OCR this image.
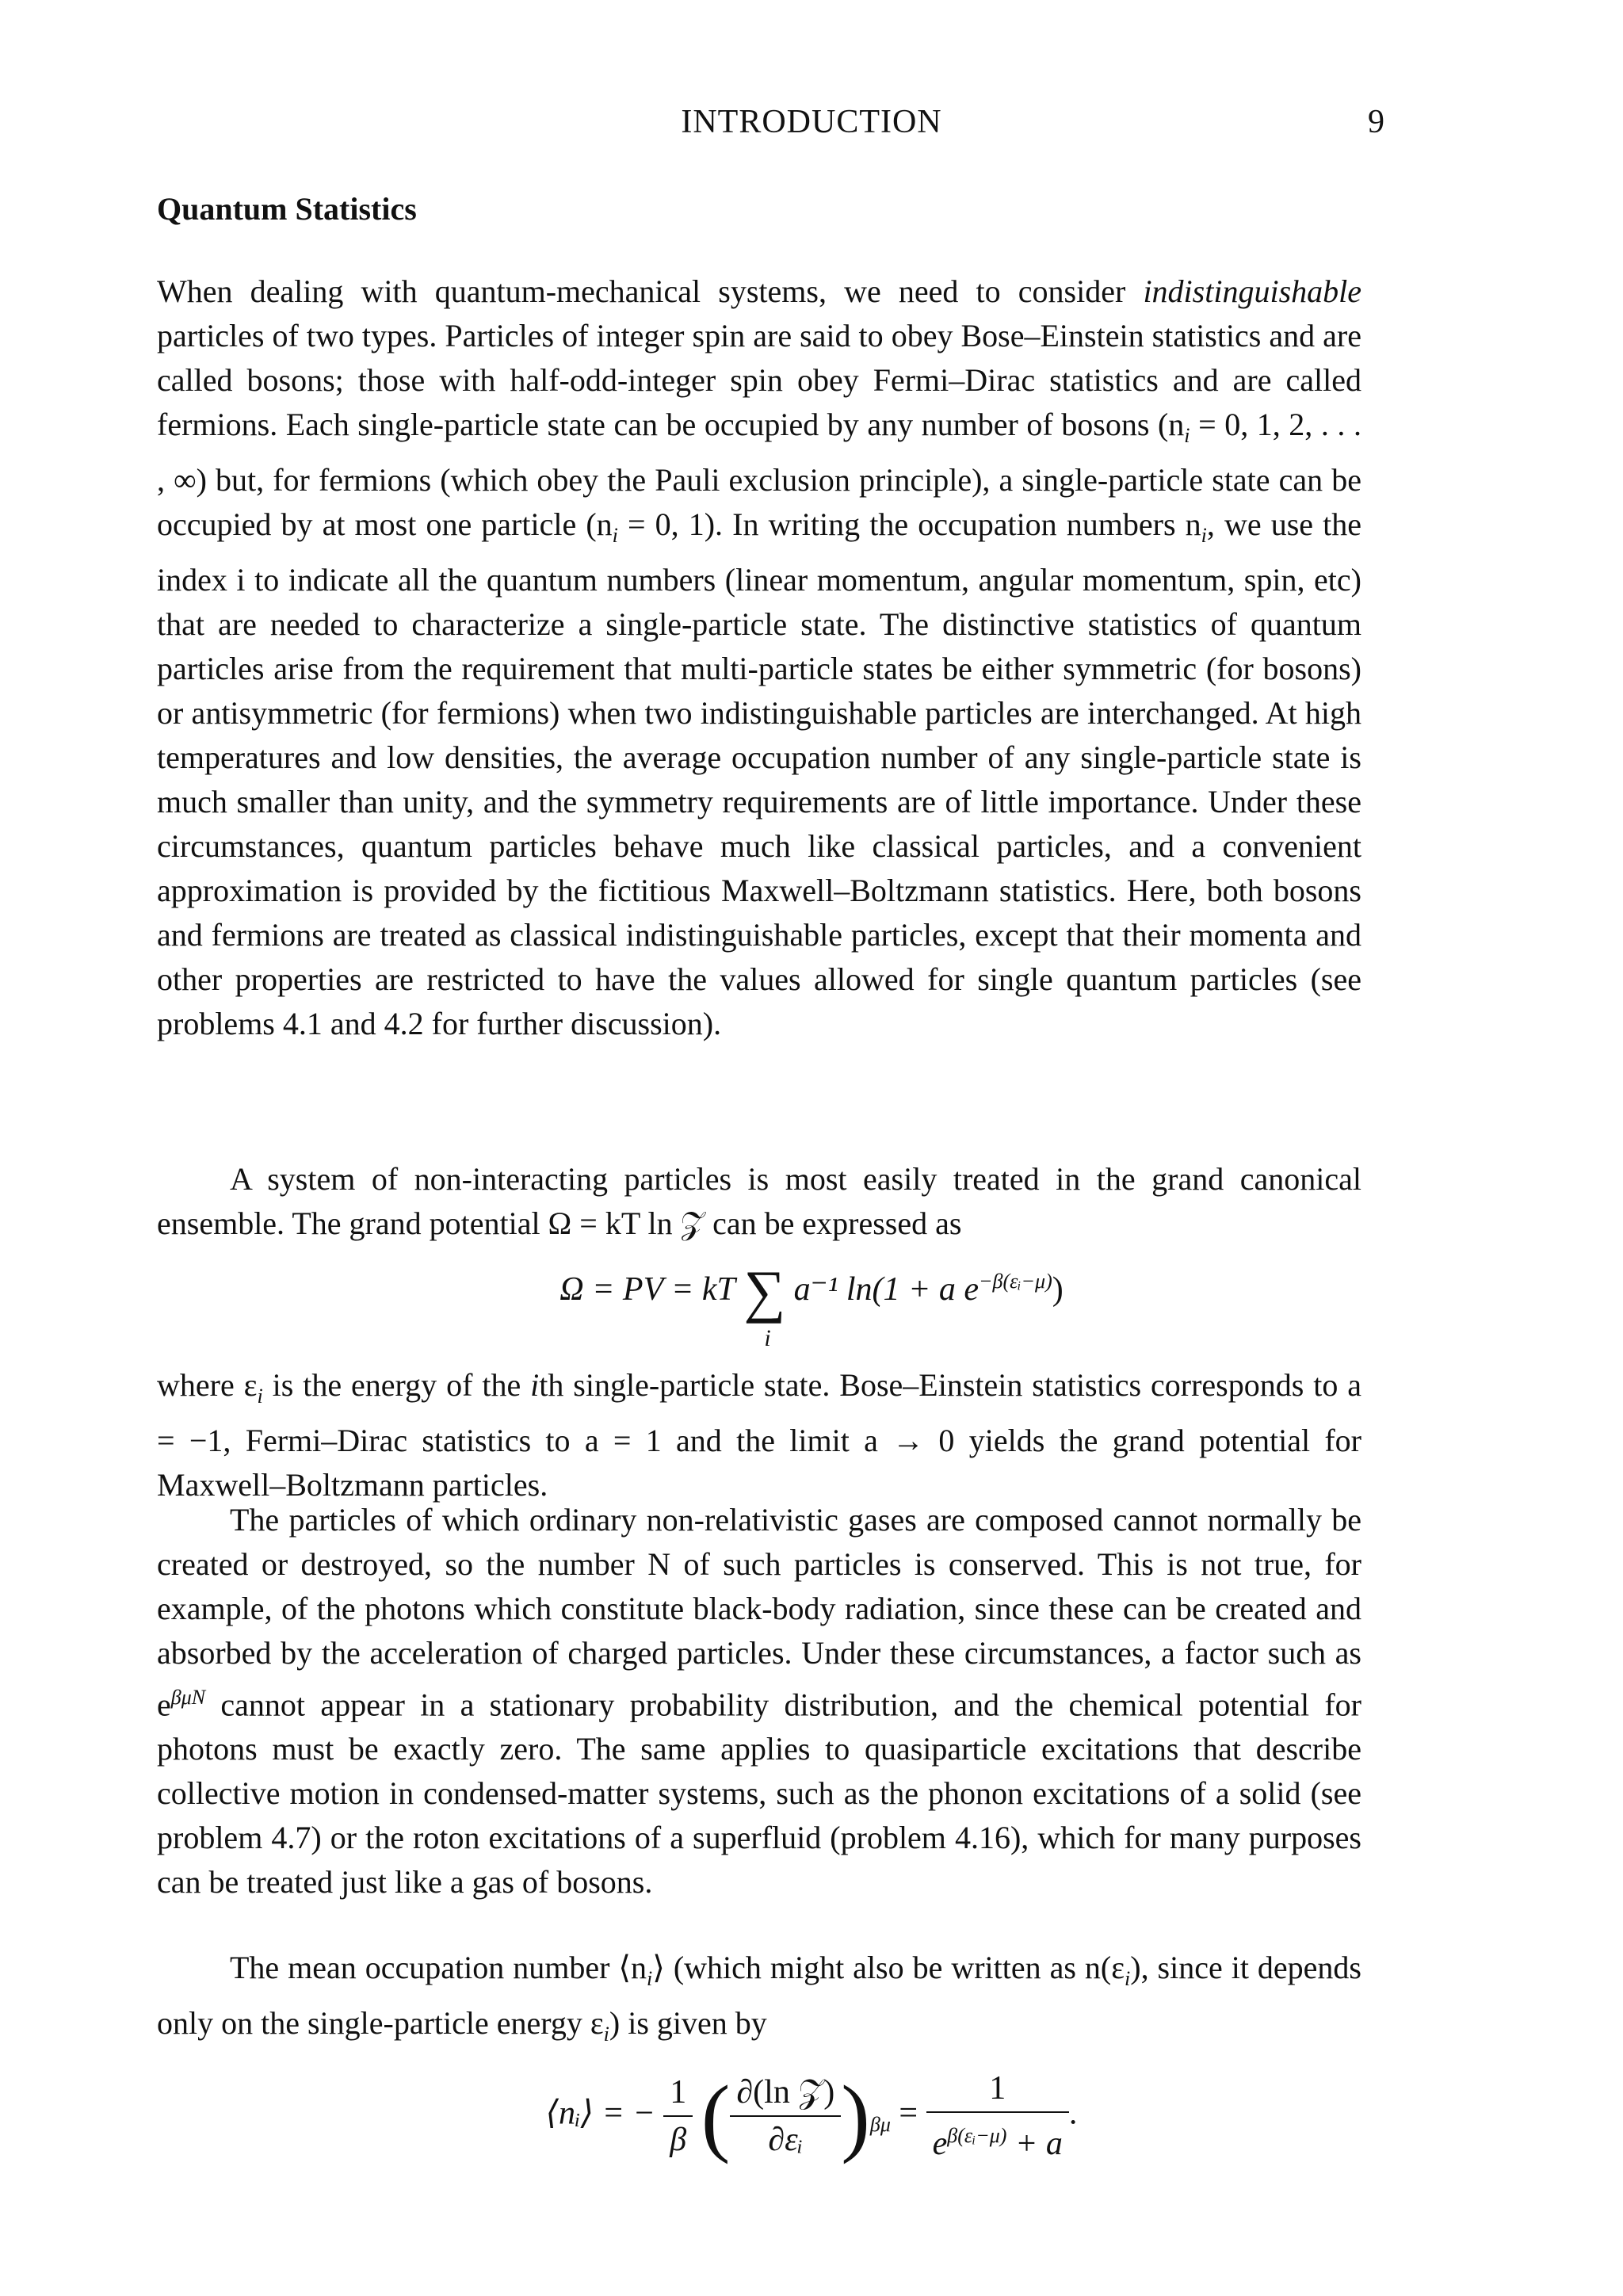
INTRODUCTION	9
Quantum Statistics

When dealing with quantum-mechanical systems, we need to consider indistinguishable particles of two types. Particles of integer spin are said to obey Bose–Einstein statistics and are called bosons; those with half-odd-integer spin obey Fermi–Dirac statistics and are called fermions. Each single-particle state can be occupied by any number of bosons ($n_i = 0$, 1, 2, . . . , ∞) but, for fermions (which obey the Pauli exclusion principle), a single-particle state can be occupied by at most one particle ($n_i = 0$, 1). In writing the occupation numbers $n_i$, we use the index i to indicate all the quantum numbers (linear momentum, angular momentum, spin, etc) that are needed to characterize a single-particle state. The distinctive statistics of quantum particles arise from the requirement that multi-particle states be either symmetric (for bosons) or antisymmetric (for fermions) when two indistinguishable particles are interchanged. At high temperatures and low densities, the average occupation number of any single-particle state is much smaller than unity, and the symmetry requirements are of little importance. Under these circumstances, quantum particles behave much like classical particles, and a convenient approximation is provided by the fictitious Maxwell–Boltzmann statistics. Here, both bosons and fermions are treated as classical indistinguishable particles, except that their momenta and other properties are restricted to have the values allowed for single quantum particles (see problems 4.1 and 4.2 for further discussion).

A system of non-interacting particles is most easily treated in the grand canonical ensemble. The grand potential Ω = kT ln 𝒵 can be expressed as

Ω = PV = kT ∑
i
a⁻¹ ln(1 + a $e^{-\beta(\varepsilon ᵢ-\mu)}$)

where $\varepsilon_i$ is the energy of the ith single-particle state. Bose–Einstein statistics corresponds to a = −1, Fermi–Dirac statistics to a = 1 and the limit a → 0 yields the grand potential for Maxwell–Boltzmann particles.

The particles of which ordinary non-relativistic gases are composed cannot normally be created or destroyed, so the number N of such particles is conserved. This is not true, for example, of the photons which constitute black-body radiation, since these can be created and absorbed by the acceleration of charged particles. Under these circumstances, a factor such as $e^{\beta\mu N}$ cannot appear in a stationary probability distribution, and the chemical potential for photons must be exactly zero. The same applies to quasiparticle excitations that describe collective motion in condensed-matter systems, such as the phonon excitations of a solid (see problem 4.7) or the roton excitations of a superfluid (problem 4.16), which for many purposes can be treated just like a gas of bosons.

The mean occupation number $⟨n_i⟩$ (which might also be written as $n(\varepsilon_i)$, since it depends only on the single-particle energy $\varepsilon_i$) is given by

⟨nᵢ⟩ = − $\frac{1}{\beta}$ ( $\frac{\text{∂(ln 𝒵)}}{\text{∂εᵢ}} )_{\beta\mu} = \frac{1}{e^{\beta(\varepsilon ᵢ-\mu)} + a}$ .
